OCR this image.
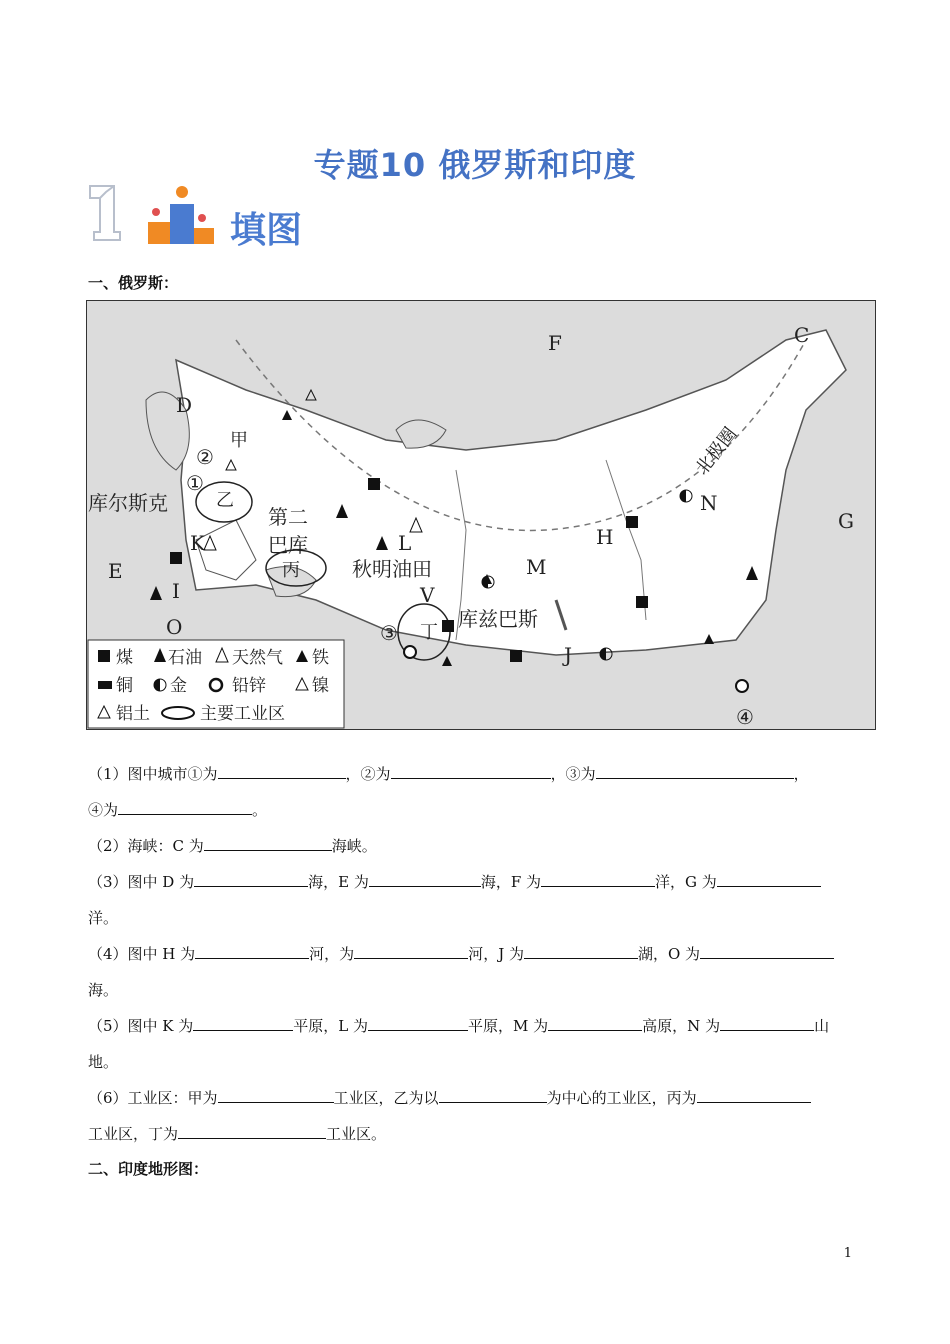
专题10 俄罗斯和印度
填图
一、俄罗斯：
F	C
D
G
E
H
M
N
K	L
I
O
J
V
①
②
③
④
甲
乙
丙
丁
库尔斯克
第二
巴库
秋明油田
库兹巴斯
北极圈
煤 石油 天然气 铁
铜 金	铅锌	镍
铝土	主要工业区
（1）图中城市①为	，②为	，③为	，
④为	。
（2）海峡：C 为	海峡。
（3）图中 D 为	海，E 为	海，F 为	洋，G 为
洋。
（4）图中 H 为	河，为	河，J 为	湖，O 为
海。
（5）图中 K 为	平原，L 为	平原，M 为	高原，N 为	山
地。
（6）工业区：甲为	工业区，乙为以	为中心的工业区，丙为
工业区，丁为	工业区。
二、印度地形图：
1
